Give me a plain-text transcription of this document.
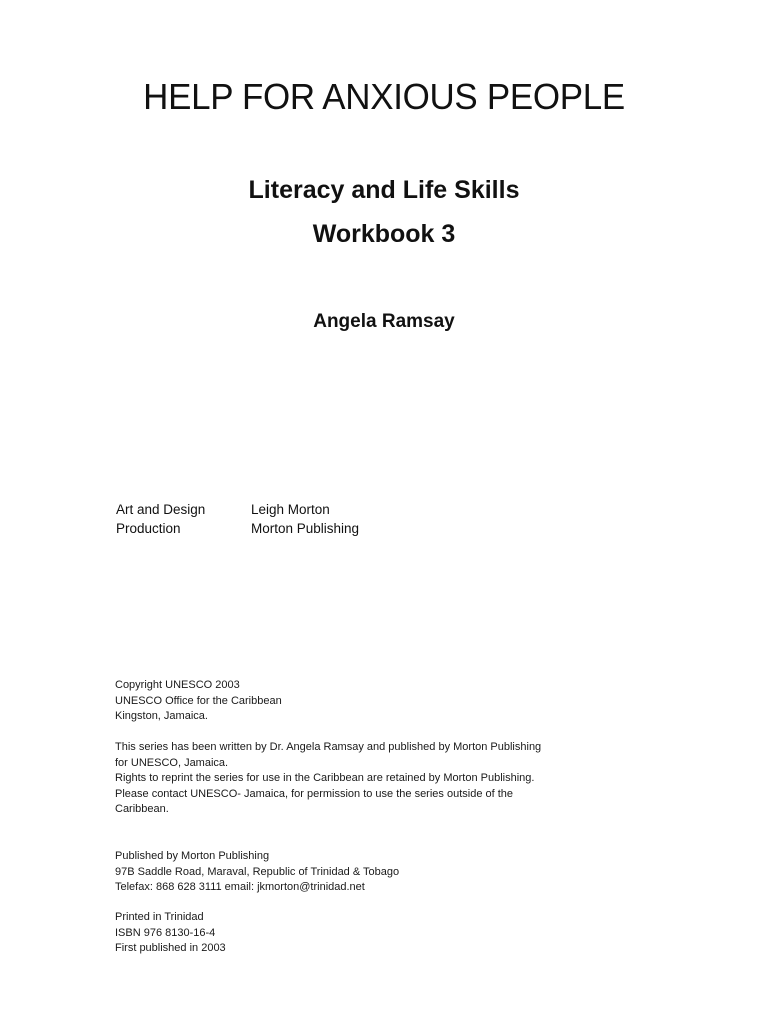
HELP FOR ANXIOUS PEOPLE
Literacy and Life Skills
Workbook 3
Angela Ramsay
Art and Design	Leigh Morton
Production	Morton Publishing
Copyright UNESCO 2003
UNESCO Office for the Caribbean
Kingston, Jamaica.
This series has been written by Dr. Angela Ramsay and published by Morton Publishing
for UNESCO, Jamaica.
Rights to reprint the series for use in the Caribbean are retained by Morton Publishing.
Please contact UNESCO- Jamaica, for permission to use the series outside of the
Caribbean.
Published by Morton Publishing
97B Saddle Road, Maraval, Republic of Trinidad & Tobago
Telefax: 868 628 3111 email: jkmorton@trinidad.net
Printed in Trinidad
ISBN 976 8130-16-4
First published in 2003
